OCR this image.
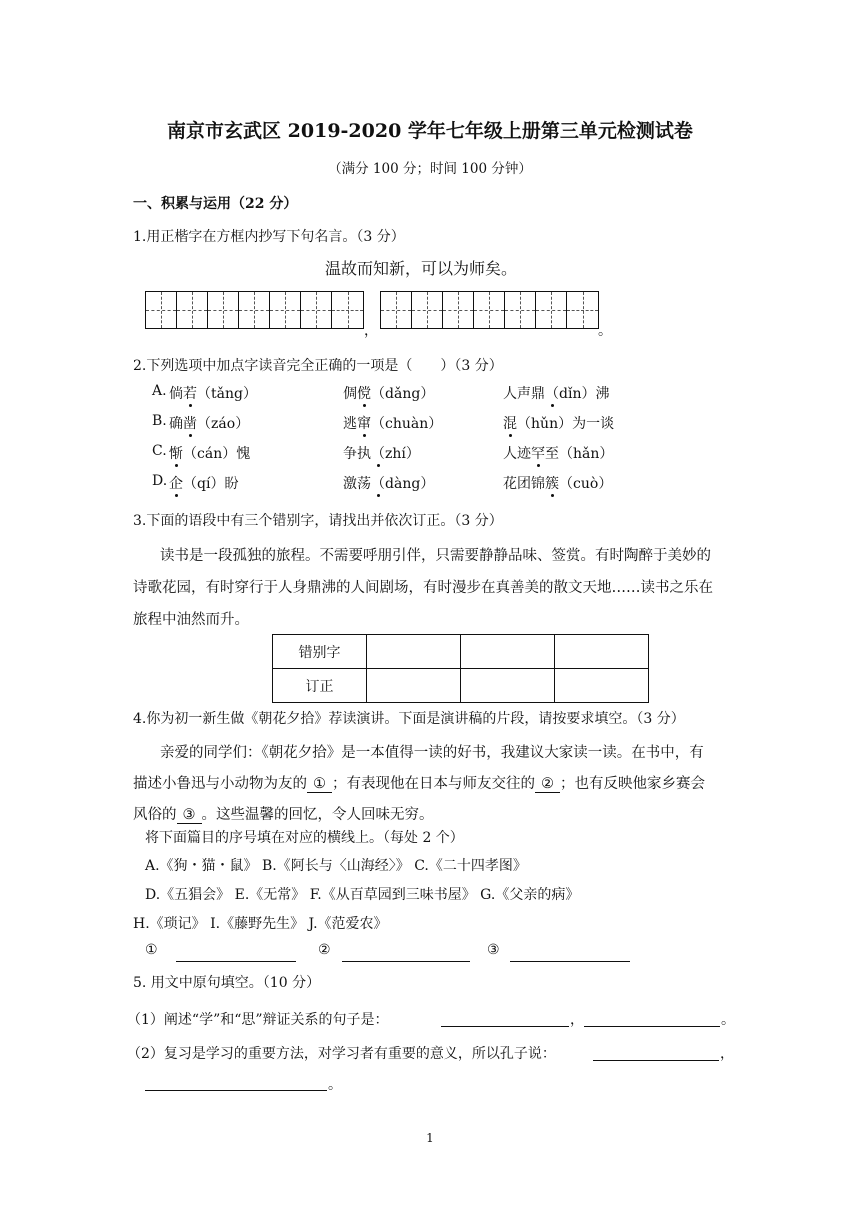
南京市玄武区 2019-2020 学年七年级上册第三单元检测试卷
（满分 100 分；时间 100 分钟）
一、积累与运用（22 分）
1.用正楷字在方框内抄写下句名言。（3 分）
温故而知新，可以为师矣。
，	。
2.下列选项中加点字读音完全正确的一项是（　　）（3 分）
A. 倘若（tǎng）	倜傥（dǎng）	人声鼎（dǐn）沸
B. 确凿（záo）	逃窜（chuàn）	混（hǔn）为一谈
C. 惭（cán）愧	争执（zhí）	人迹罕至（hǎn）
D. 企（qí）盼	激荡（dàng）	花团锦簇（cuò）
3.下面的语段中有三个错别字，请找出并依次订正。（3 分）
读书是一段孤独的旅程。不需要呼朋引伴，只需要静静品味、签赏。有时陶醉于美妙的
诗歌花园，有时穿行于人身鼎沸的人间剧场，有时漫步在真善美的散文天地……读书之乐在
旅程中油然而升。
错别字			
订正			
4.你为初一新生做《朝花夕拾》荐读演讲。下面是演讲稿的片段，请按要求填空。（3 分）
亲爱的同学们：《朝花夕拾》是一本值得一读的好书，我建议大家读一读。在书中，有
描述小鲁迅与小动物为友的 ① ；有表现他在日本与师友交往的 ② ；也有反映他家乡赛会
风俗的 ③ 。这些温馨的回忆，令人回味无穷。
将下面篇目的序号填在对应的横线上。（每处 2 个）
A.《狗・猫・鼠》 B.《阿长与〈山海经〉》 C.《二十四孝图》
D.《五猖会》 E.《无常》 F.《从百草园到三味书屋》 G.《父亲的病》
H.《琐记》 I.《藤野先生》 J.《范爱农》
①	②	③
5. 用文中原句填空。（10 分）
（1）阐述“学”和“思”辩证关系的句子是：	，	。
（2）复习是学习的重要方法，对学习者有重要的意义，所以孔子说：	，
。
1
